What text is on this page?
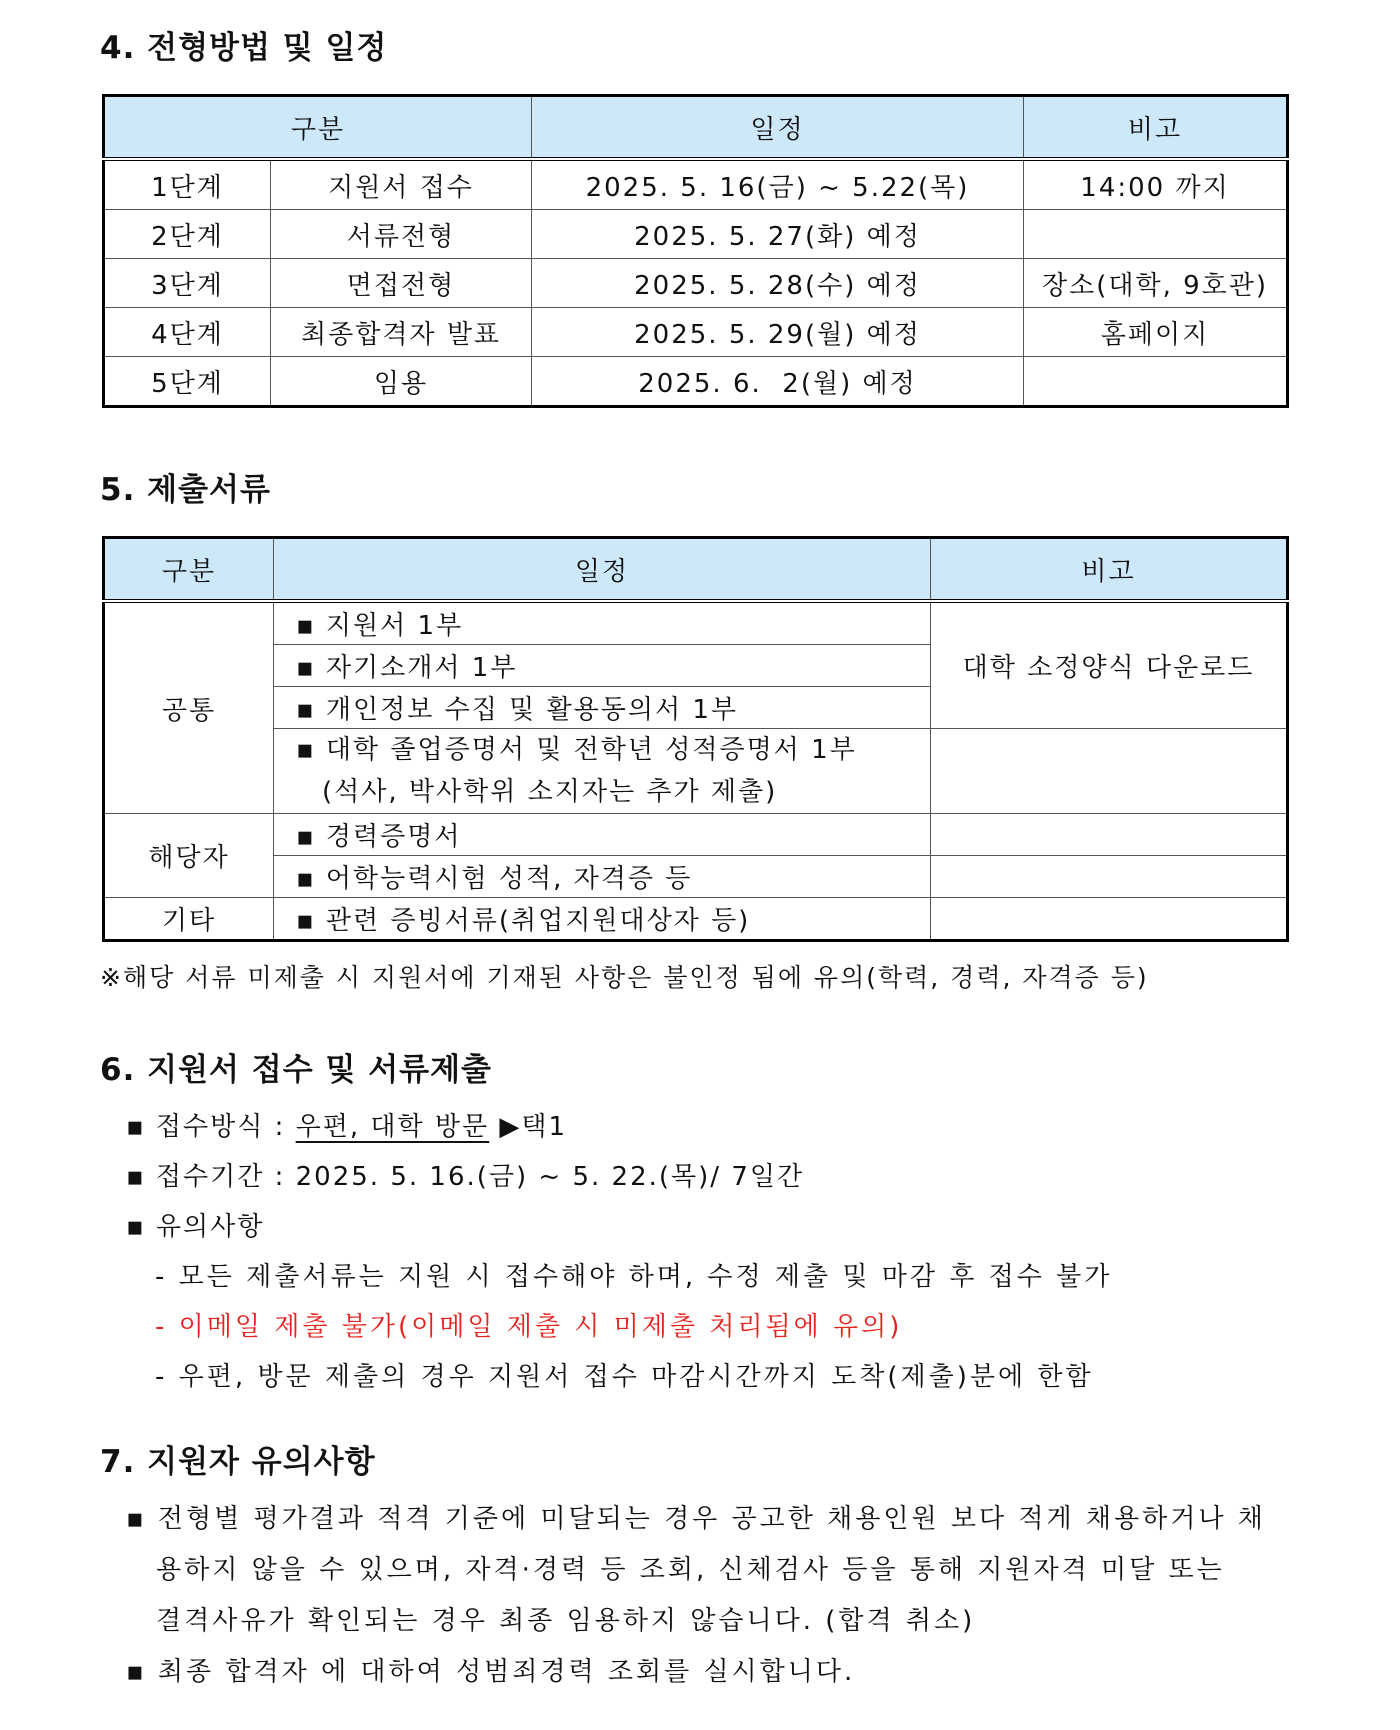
4. 전형방법 및 일정
구분		일정	비고
1단계	지원서 접수	2025. 5. 16(금) ~ 5.22(목)	14:00 까지
2단계	서류전형	2025. 5. 27(화) 예정	
3단계	면접전형	2025. 5. 28(수) 예정	장소(대학, 9호관)
4단계	최종합격자 발표	2025. 5. 29(월) 예정	홈페이지
5단계	임용	2025. 6.  2(월) 예정	
5. 제출서류
구분	일정	비고
공통	▪ 지원서 1부	대학 소정양식 다운로드
	▪ 자기소개서 1부	
	▪ 개인정보 수집 및 활용동의서 1부	

	▪ 대학 졸업증명서 및 전학년 성적증명서 1부
(석사, 박사학위 소지자는 추가 제출)	

해당자	▪ 경력증명서	
	▪ 어학능력시험 성적, 자격증 등	
기타	▪ 관련 증빙서류(취업지원대상자 등)	

※해당 서류 미제출 시 지원서에 기재된 사항은 불인정 됨에 유의(학력, 경력, 자격증 등)

6. 지원서 접수 및 서류제출

▪ 접수방식 : 우편, 대학 방문 ▶택1

▪ 접수기간 : 2025. 5. 16.(금) ~ 5. 22.(목)/ 7일간

▪ 유의사항

- 모든 제출서류는 지원 시 접수해야 하며, 수정 제출 및 마감 후 접수 불가

- 이메일 제출 불가(이메일 제출 시 미제출 처리됨에 유의)

- 우편, 방문 제출의 경우 지원서 접수 마감시간까지 도착(제출)분에 한함

7. 지원자 유의사항
▪ 전형별 평가결과 적격 기준에 미달되는 경우 공고한 채용인원 보다 적게 채용하거나 채
용하지 않을 수 있으며, 자격·경력 등 조회, 신체검사 등을 통해 지원자격 미달 또는
결격사유가 확인되는 경우 최종 임용하지 않습니다. (합격 취소)

▪ 최종 합격자 에 대하여 성범죄경력 조회를 실시합니다.
